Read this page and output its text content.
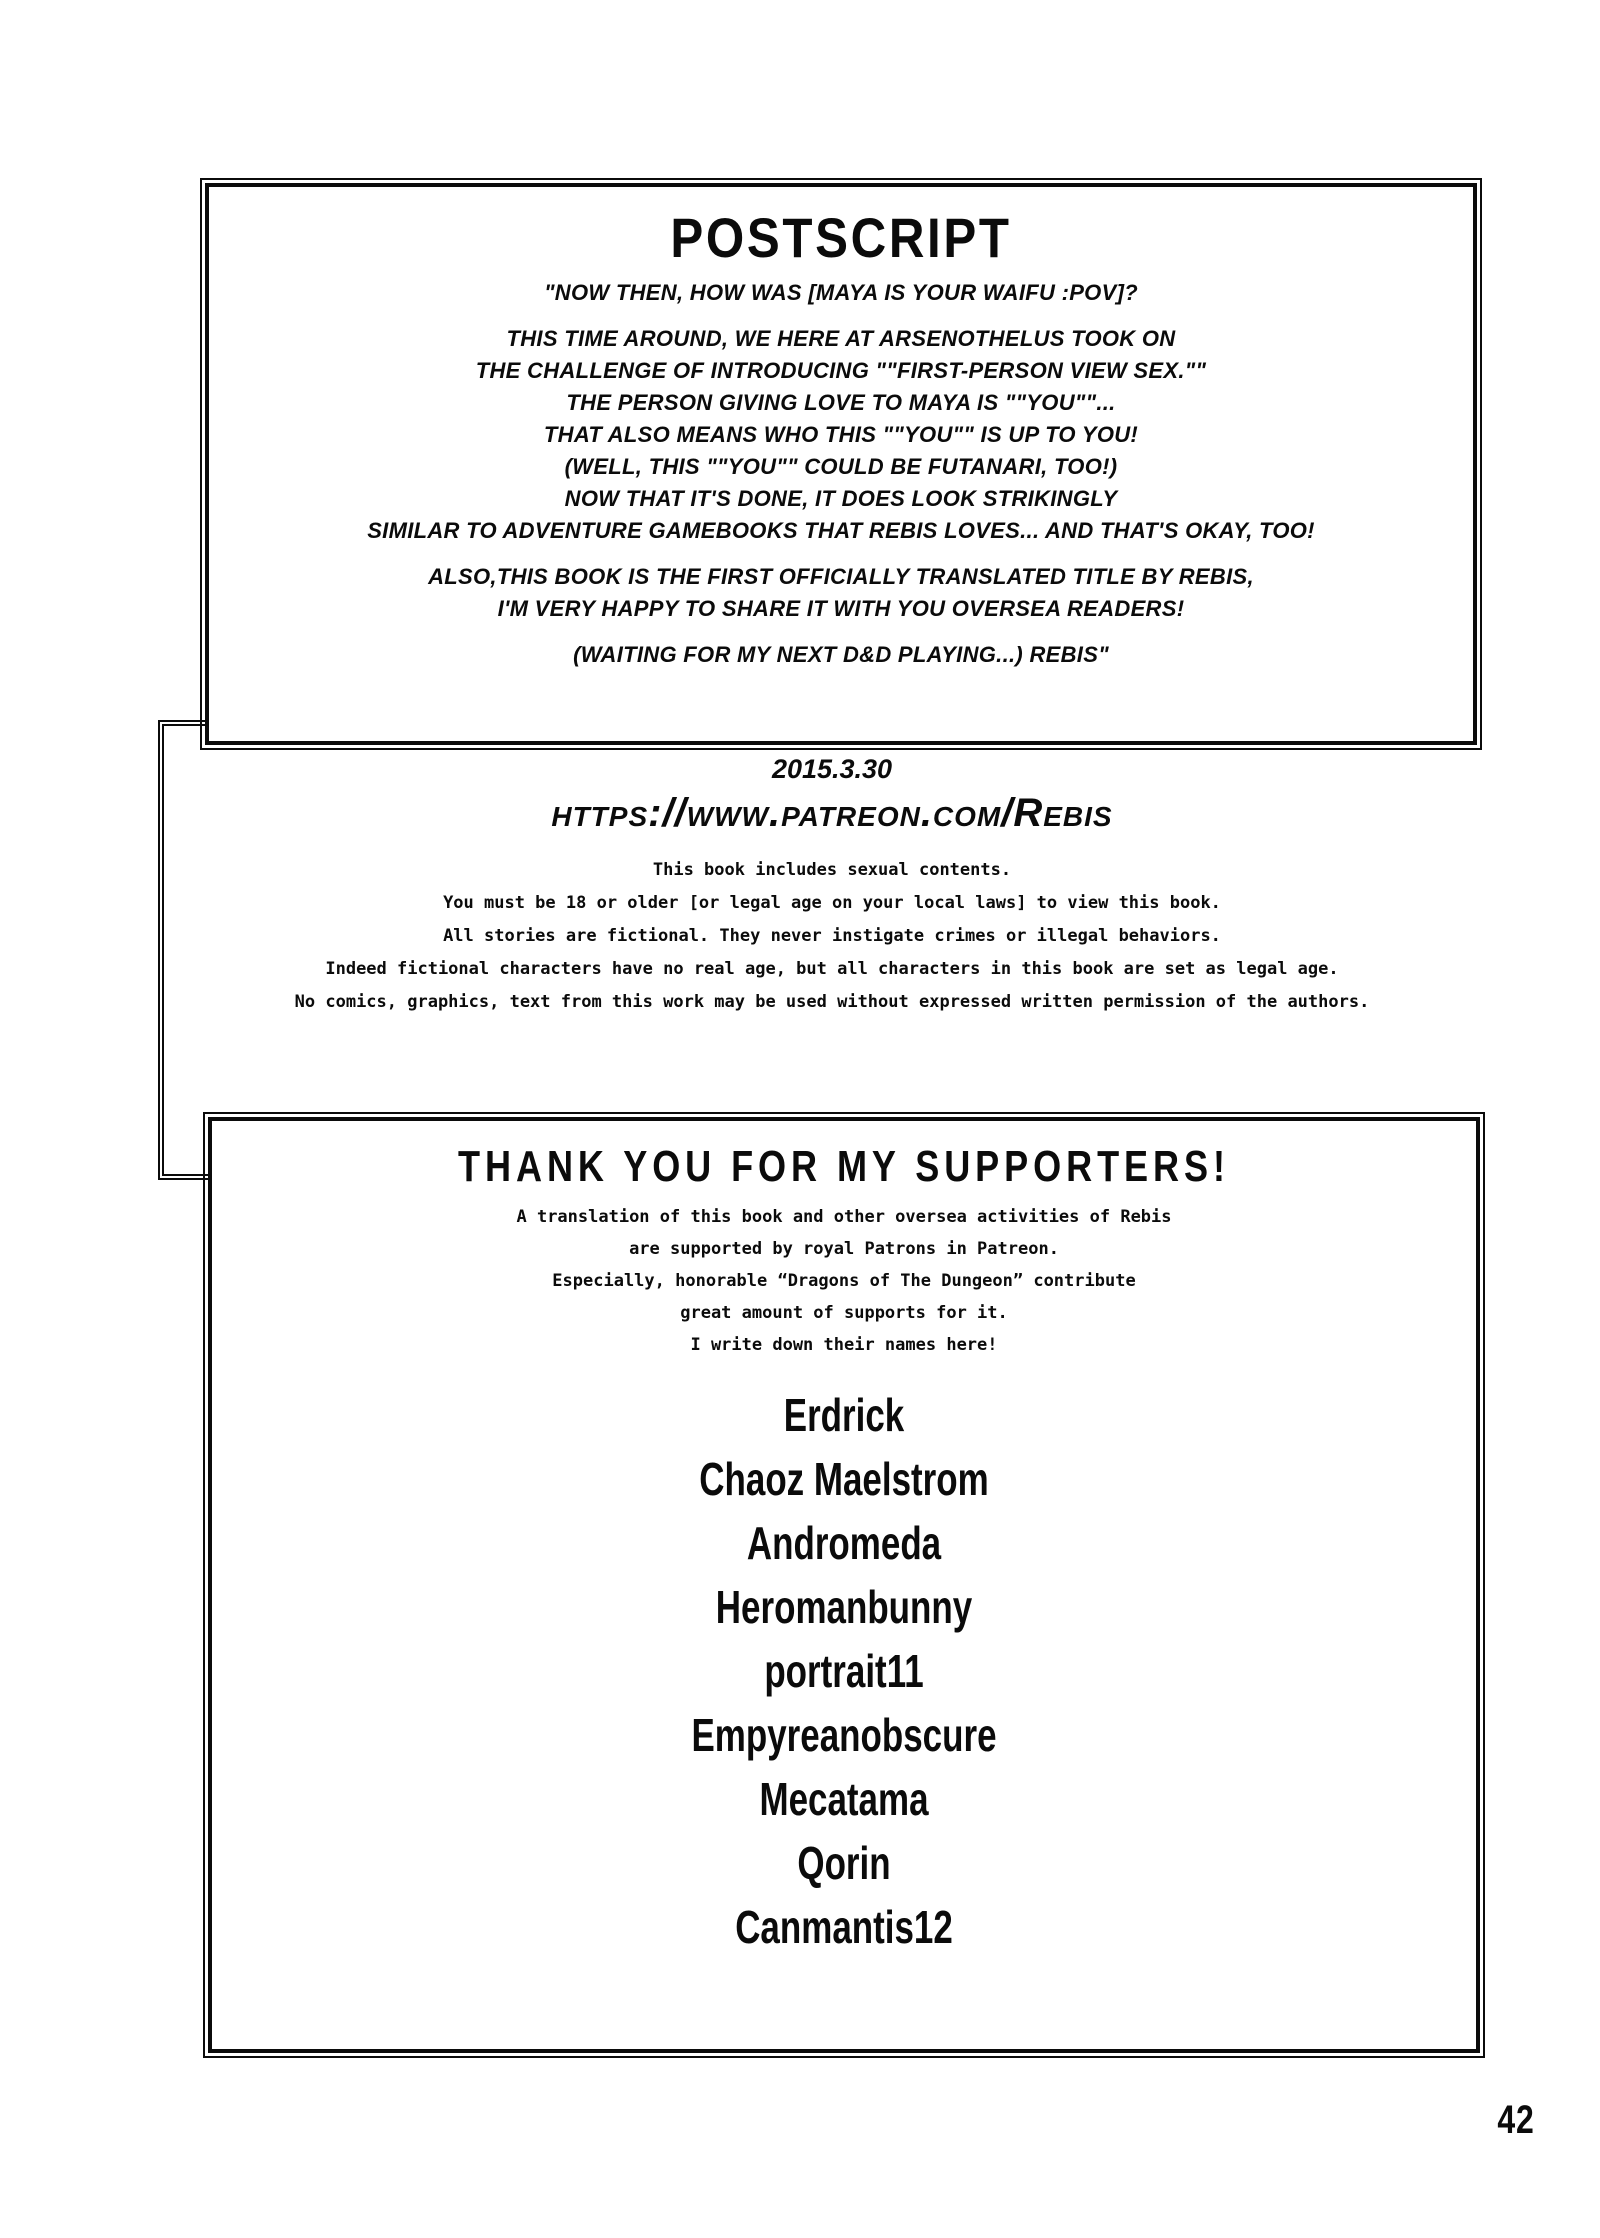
POSTSCRIPT
"NOW THEN, HOW WAS [MAYA IS YOUR WAIFU :POV]?
THIS TIME AROUND, WE HERE AT ARSENOTHELUS TOOK ON
THE CHALLENGE OF INTRODUCING ""FIRST-PERSON VIEW SEX.""
THE PERSON GIVING LOVE TO MAYA IS ""YOU""...
THAT ALSO MEANS WHO THIS ""YOU"" IS UP TO YOU!
(WELL, THIS ""YOU"" COULD BE FUTANARI, TOO!)
NOW THAT IT'S DONE, IT DOES LOOK STRIKINGLY
SIMILAR TO ADVENTURE GAMEBOOKS THAT REBIS LOVES... AND THAT'S OKAY, TOO!
ALSO,THIS BOOK IS THE FIRST OFFICIALLY TRANSLATED TITLE BY REBIS,
I'M VERY HAPPY TO SHARE IT WITH YOU OVERSEA READERS!
(WAITING FOR MY NEXT D&D PLAYING...) REBIS"
2015.3.30
https://www.patreon.com/Rebis
This book includes sexual contents.
You must be 18 or older [or legal age on your local laws] to view this book.
All stories are fictional. They never instigate crimes or illegal behaviors.
Indeed fictional characters have no real age, but all characters in this book are set as legal age.
No comics, graphics, text from this work may be used without expressed written permission of the authors.
THANK YOU FOR MY SUPPORTERS!
A translation of this book and other oversea activities of Rebis
are supported by royal Patrons in Patreon.
Especially, honorable “Dragons of The Dungeon” contribute
great amount of supports for it.
I write down their names here!
Erdrick
Chaoz Maelstrom
Andromeda
Heromanbunny
portrait11
Empyreanobscure
Mecatama
Qorin
Canmantis12
42
